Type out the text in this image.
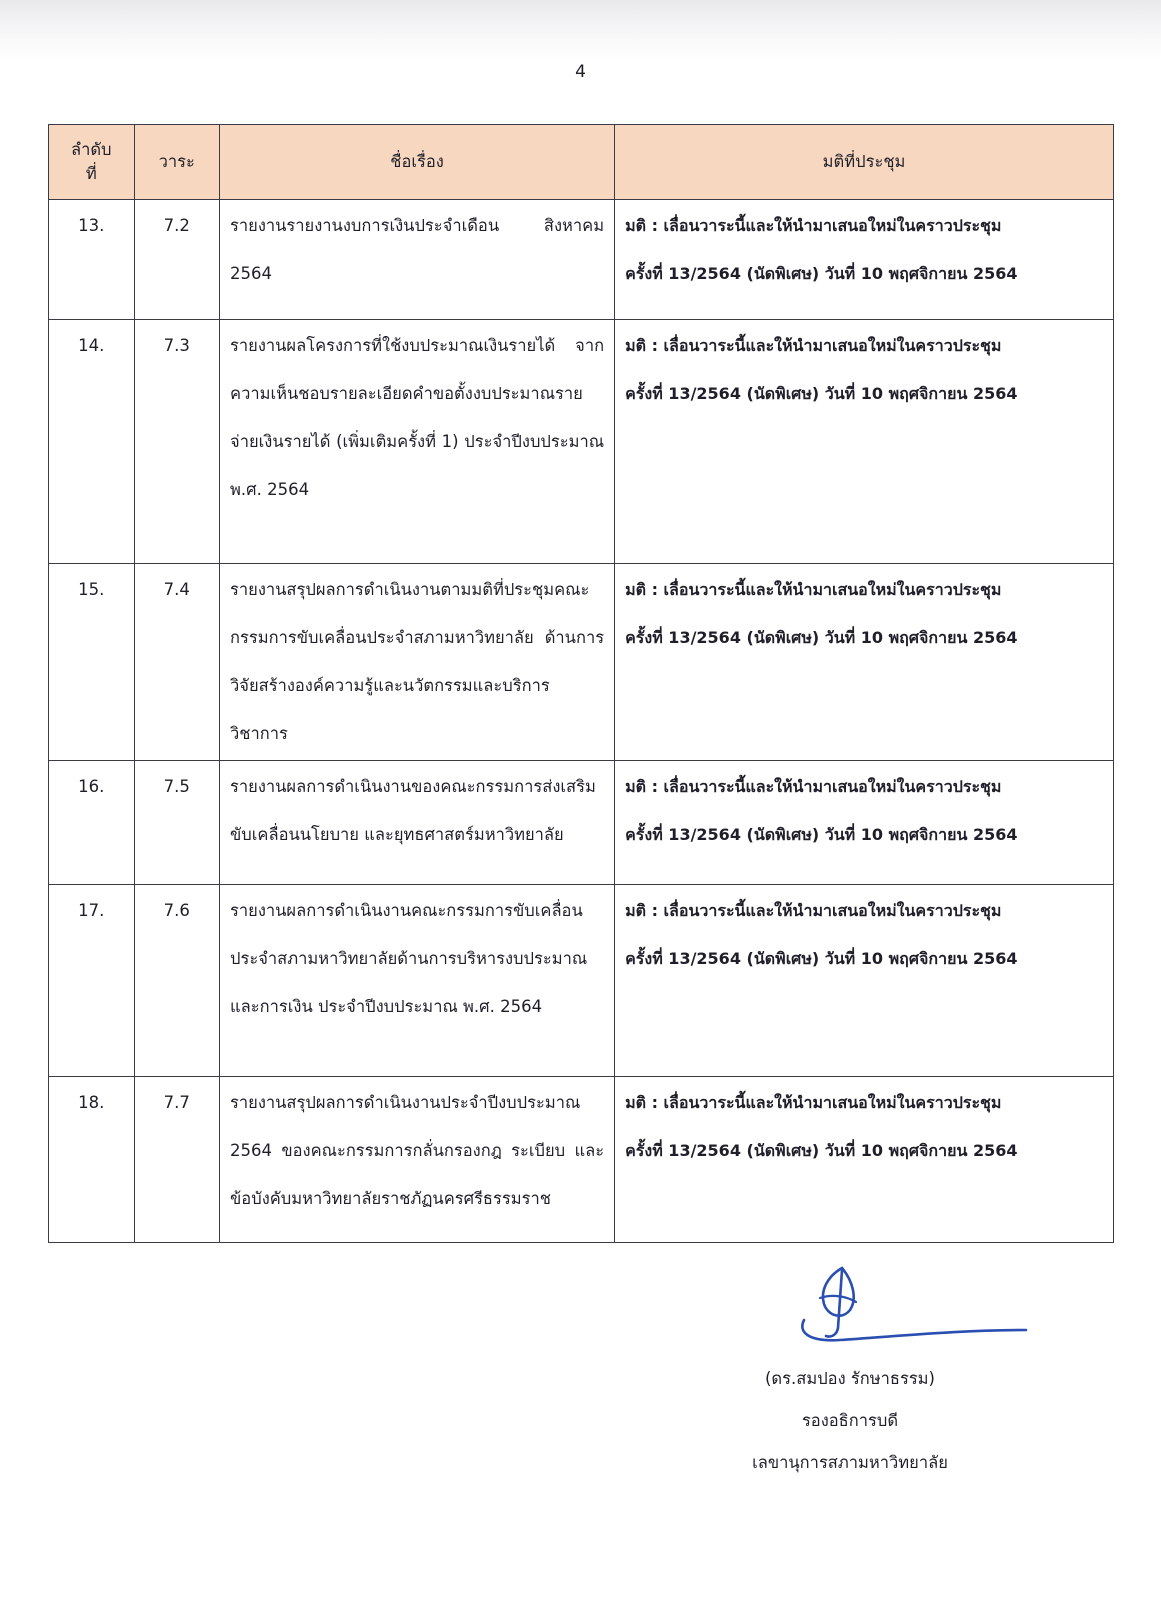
4
ลำดับ
ที่	วาระ	ชื่อเรื่อง	มติที่ประชุม
13.	7.2	รายงานรายงานงบการเงินประจำเดือน สิงหาคม 2564	มติ : เลื่อนวาระนี้และให้นำมาเสนอใหม่ในคราวประชุม
ครั้งที่ 13/2564 (นัดพิเศษ) วันที่ 10 พฤศจิกายน 2564

14.	7.3	รายงานผลโครงการที่ใช้งบประมาณเงินรายได้ จากความเห็นชอบรายละเอียดคำขอตั้งงบประมาณรายจ่ายเงินรายได้ (เพิ่มเติมครั้งที่ 1) ประจำปีงบประมาณ พ.ศ. 2564	มติ : เลื่อนวาระนี้และให้นำมาเสนอใหม่ในคราวประชุม
ครั้งที่ 13/2564 (นัดพิเศษ) วันที่ 10 พฤศจิกายน 2564

15.	7.4	รายงานสรุปผลการดำเนินงานตามมติที่ประชุมคณะกรรมการขับเคลื่อนประจำสภามหาวิทยาลัย ด้านการวิจัยสร้างองค์ความรู้และนวัตกรรมและบริการวิชาการ	มติ : เลื่อนวาระนี้และให้นำมาเสนอใหม่ในคราวประชุม
ครั้งที่ 13/2564 (นัดพิเศษ) วันที่ 10 พฤศจิกายน 2564

16.	7.5	รายงานผลการดำเนินงานของคณะกรรมการส่งเสริม ขับเคลื่อนนโยบาย และยุทธศาสตร์มหาวิทยาลัย	มติ : เลื่อนวาระนี้และให้นำมาเสนอใหม่ในคราวประชุม
ครั้งที่ 13/2564 (นัดพิเศษ) วันที่ 10 พฤศจิกายน 2564

17.	7.6	รายงานผลการดำเนินงานคณะกรรมการขับเคลื่อนประจำสภามหาวิทยาลัยด้านการบริหารงบประมาณ และการเงิน ประจำปีงบประมาณ พ.ศ. 2564	มติ : เลื่อนวาระนี้และให้นำมาเสนอใหม่ในคราวประชุม
ครั้งที่ 13/2564 (นัดพิเศษ) วันที่ 10 พฤศจิกายน 2564

18.	7.7	รายงานสรุปผลการดำเนินงานประจำปีงบประมาณ 2564 ของคณะกรรมการกลั่นกรองกฎ ระเบียบ และข้อบังคับมหาวิทยาลัยราชภัฏนครศรีธรรมราช	มติ : เลื่อนวาระนี้และให้นำมาเสนอใหม่ในคราวประชุม
ครั้งที่ 13/2564 (นัดพิเศษ) วันที่ 10 พฤศจิกายน 2564
(ดร.สมปอง รักษาธรรม)
รองอธิการบดี
เลขานุการสภามหาวิทยาลัย
